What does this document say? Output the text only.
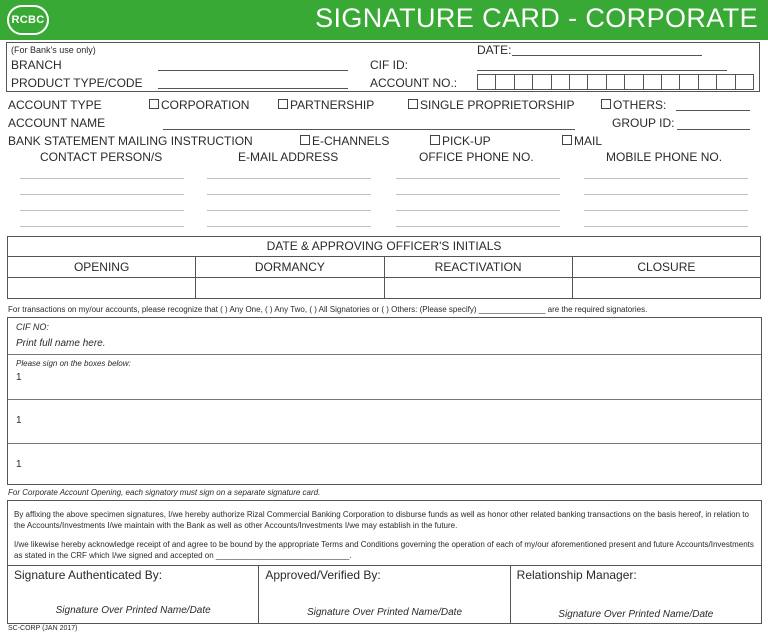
RCBC	SIGNATURE CARD - CORPORATE
(For Bank's use only)
BRANCH
PRODUCT TYPE/CODE
DATE:
CIF ID:
ACCOUNT NO.:
ACCOUNT TYPE	CORPORATION	PARTNERSHIP	SINGLE PROPRIETORSHIP	OTHERS:
ACCOUNT NAME	GROUP ID:
BANK STATEMENT MAILING INSTRUCTION	E-CHANNELS	PICK-UP	MAIL
CONTACT PERSON/S	E-MAIL ADDRESS	OFFICE PHONE NO.	MOBILE PHONE NO.
DATE & APPROVING OFFICER'S INITIALS
OPENING	DORMANCY	REACTIVATION	CLOSURE
For transactions on my/our accounts, please recognize that ( ) Any One, ( ) Any Two, ( ) All Signatories or ( ) Others: (Please specify) _______________ are the required signatories.
CIF NO:
Print full name here.
Please sign on the boxes below:
1
1
1
For Corporate Account Opening, each signatory must sign on a separate signature card.
By affixing the above specimen signatures, I/we hereby authorize Rizal Commercial Banking Corporation to disburse funds as well as honor other related banking transactions on the basis hereof, in relation to the Accounts/Investments I/we maintain with the Bank as well as other Accounts/Investments I/we may establish in the future.
I/we likewise hereby acknowledge receipt of and agree to be bound by the appropriate Terms and Conditions governing the operation of each of my/our aforementioned present and future Accounts/Investments as stated in the CRF which I/we signed and accepted on ______________________________.
Signature Authenticated By:
Signature Over Printed Name/Date
Approved/Verified By:
Signature Over Printed Name/Date
Relationship Manager:
Signature Over Printed Name/Date
SC-CORP (JAN 2017)
